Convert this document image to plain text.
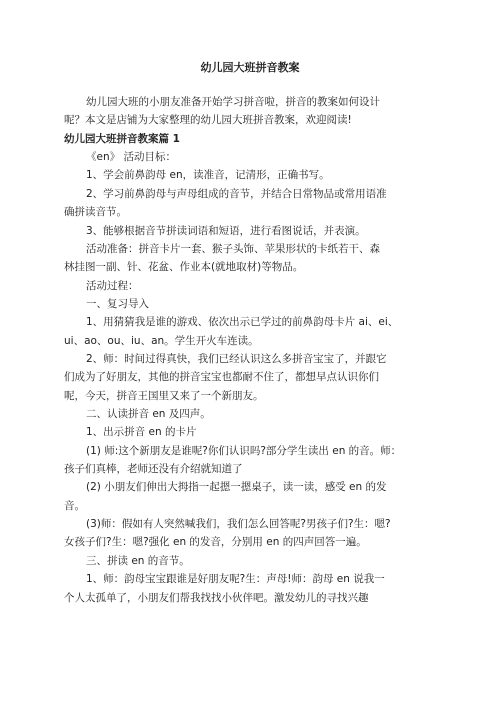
幼儿园大班拼音教案
幼儿园大班的小朋友准备开始学习拼音啦，拼音的教案如何设计
呢？本文是店铺为大家整理的幼儿园大班拼音教案，欢迎阅读!
幼儿园大班拼音教案篇 1
《en》 活动目标：
1、学会前鼻韵母 en，读准音，记清形，正确书写。
2、学习前鼻韵母与声母组成的音节，并结合日常物品或常用语准
确拼读音节。
3、能够根据音节拼读词语和短语，进行看图说话，并表演。
活动准备：拼音卡片一套、猴子头饰、苹果形状的卡纸若干、森
林挂图一副、针、花盆、作业本(就地取材)等物品。
活动过程：
一、复习导入
1、用猜猜我是谁的游戏、依次出示已学过的前鼻韵母卡片 ai、ei、
ui、ao、ou、iu、an。学生开火车连读。
2、师：时间过得真快，我们已经认识这么多拼音宝宝了，并跟它
们成为了好朋友，其他的拼音宝宝也都耐不住了，都想早点认识你们
呢，今天，拼音王国里又来了一个新朋友。
二、认读拼音 en 及四声。
1、出示拼音 en 的卡片
(1) 师:这个新朋友是谁呢?你们认识吗?部分学生读出 en 的音。师：
孩子们真棒，老师还没有介绍就知道了
(2) 小朋友们伸出大拇指一起摁一摁桌子，读一读，感受 en 的发
音。
(3)师：假如有人突然喊我们，我们怎么回答呢?男孩子们?生：嗯?
女孩子们?生：嗯?强化 en 的发音，分别用 en 的四声回答一遍。
三、拼读 en 的音节。
1、师：韵母宝宝跟谁是好朋友呢?生：声母!师：韵母 en 说我一
个人太孤单了，小朋友们帮我找找小伙伴吧。激发幼儿的寻找兴趣
